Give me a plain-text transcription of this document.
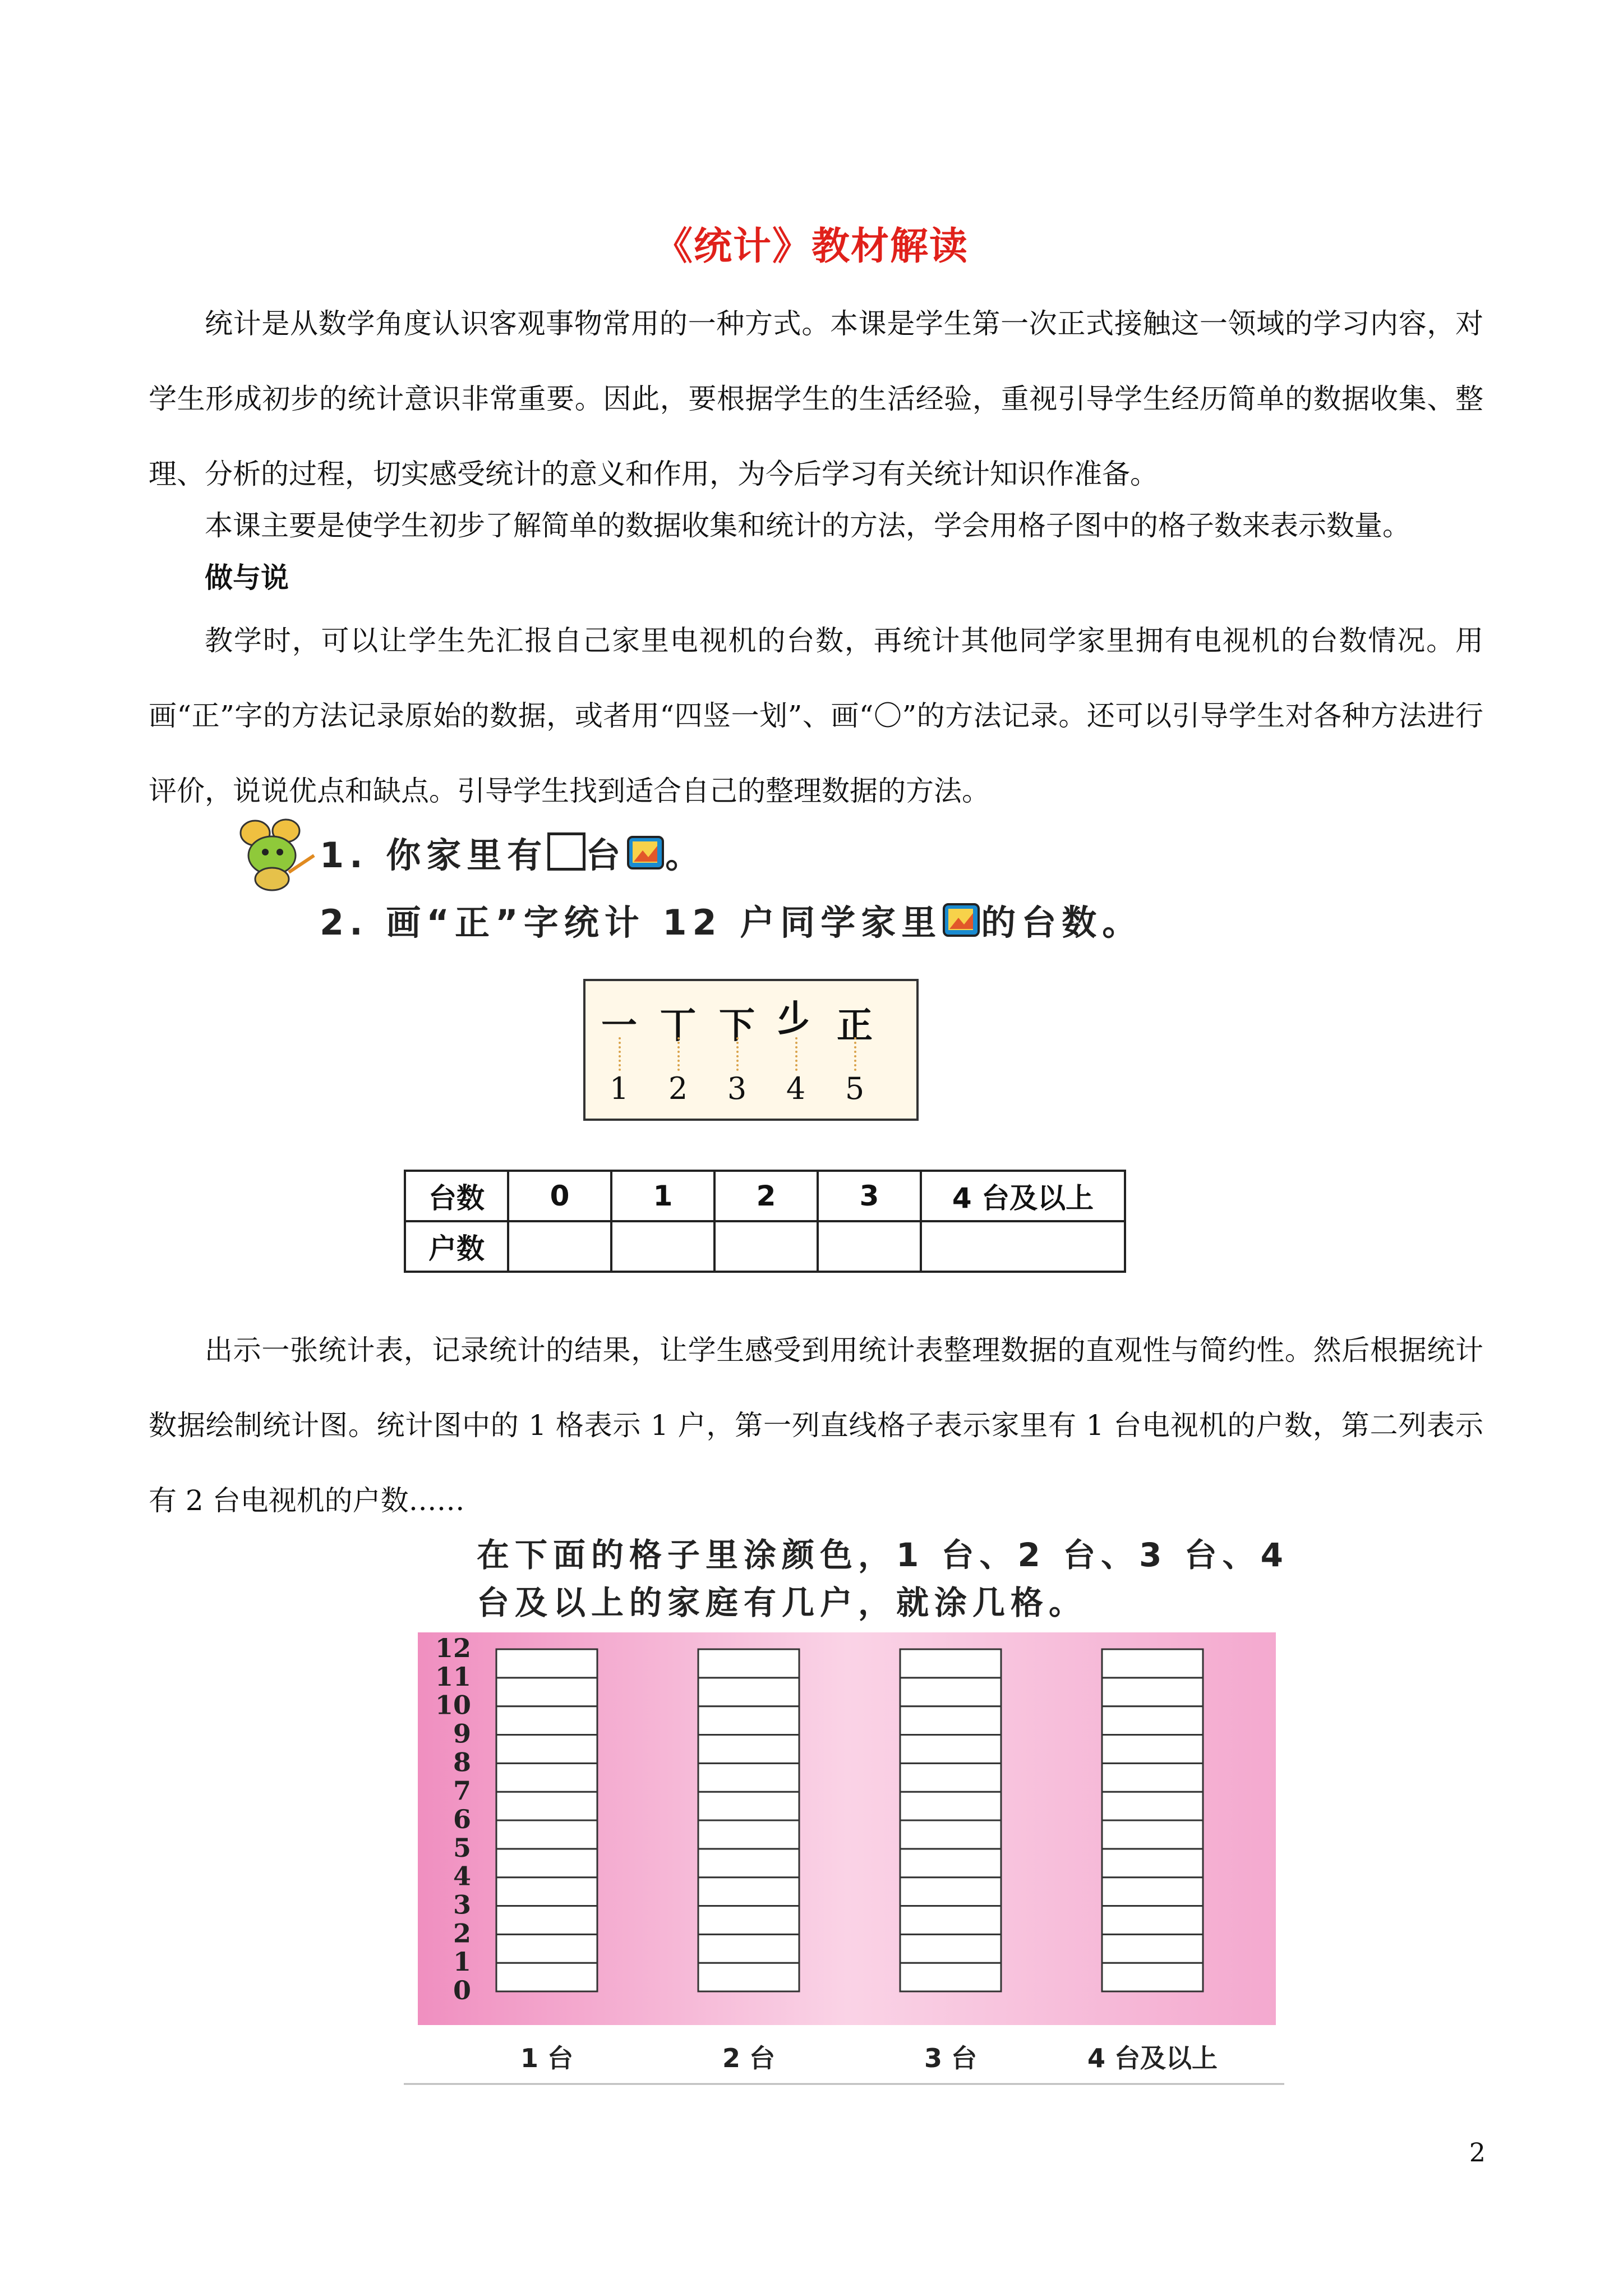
《统计》教材解读

统计是从数学角度认识客观事物常用的一种方式。本课是学生第一次正式接触这一领域的学习内容，对学生形成初步的统计意识非常重要。因此，要根据学生的生活经验，重视引导学生经历简单的数据收集、整理、分析的过程，切实感受统计的意义和作用，为今后学习有关统计知识作准备。

本课主要是使学生初步了解简单的数据收集和统计的方法，学会用格子图中的格子数来表示数量。

做与说

教学时，可以让学生先汇报自己家里电视机的台数，再统计其他同学家里拥有电视机的台数情况。用画“正”字的方法记录原始的数据，或者用“四竖一划”、画“〇”的方法记录。还可以引导学生对各种方法进行评价，说说优点和缺点。引导学生找到适合自己的整理数据的方法。

1. 你家里有 台 。
2. 画“正”字统计 12 户同学家里 的台数。
一 丅 下 𣥂 正
1	2	3	4	5
台数	0	1	2	3	4 台及以上
户数					

出示一张统计表，记录统计的结果，让学生感受到用统计表整理数据的直观性与简约性。然后根据统计数据绘制统计图。统计图中的 1 格表示 1 户，第一列直线格子表示家里有 1 台电视机的户数，第二列表示有 2 台电视机的户数……

在下面的格子里涂颜色，1 台、2 台、3 台、4
台及以上的家庭有几户，就涂几格。
0
1
2
3
4
5
6
7
8
9
10
11
12
1 台	2 台	3 台	4 台及以上
2
